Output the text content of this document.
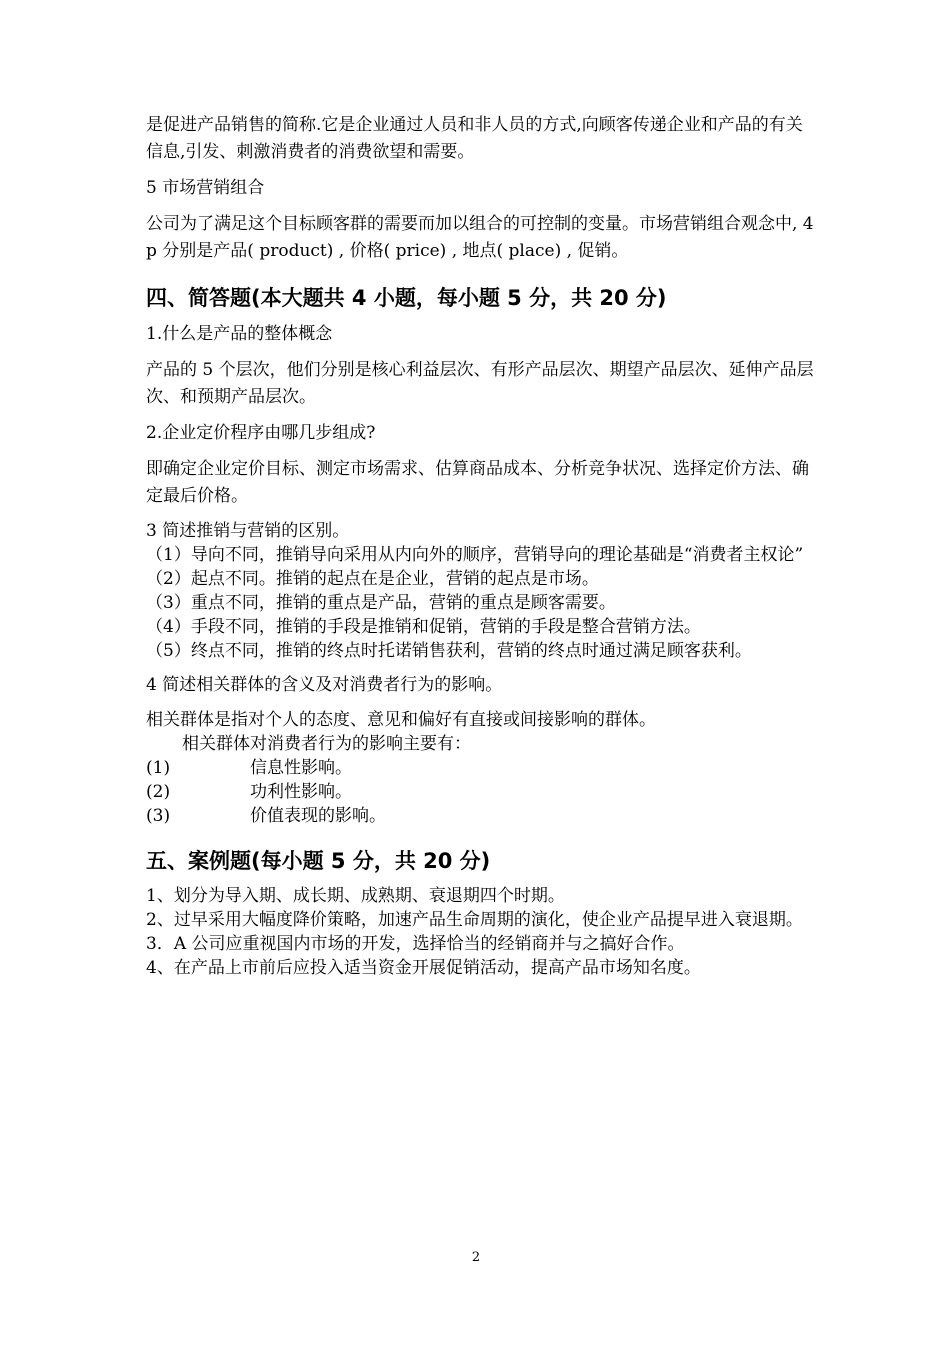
是促进产品销售的简称.它是企业通过人员和非人员的方式,向顾客传递企业和产品的有关信息,引发、刺激消费者的消费欲望和需要。

5 市场营销组合

公司为了满足这个目标顾客群的需要而加以组合的可控制的变量。市场营销组合观念中, 4p 分别是产品( product) , 价格( price) , 地点( place) , 促销。

四、简答题(本大题共 4 小题，每小题 5 分，共 20 分)

1.什么是产品的整体概念

产品的 5 个层次，他们分别是核心利益层次、有形产品层次、期望产品层次、延伸产品层次、和预期产品层次。

2.企业定价程序由哪几步组成?

即确定企业定价目标、测定市场需求、估算商品成本、分析竞争状况、选择定价方法、确定最后价格。

3 简述推销与营销的区别。

（1）导向不同，推销导向采用从内向外的顺序，营销导向的理论基础是“消费者主权论”

（2）起点不同。推销的起点在是企业，营销的起点是市场。

（3）重点不同，推销的重点是产品，营销的重点是顾客需要。

（4）手段不同，推销的手段是推销和促销，营销的手段是整合营销方法。

（5）终点不同，推销的终点时托诺销售获利，营销的终点时通过满足顾客获利。

4 简述相关群体的含义及对消费者行为的影响。

相关群体是指对个人的态度、意见和偏好有直接或间接影响的群体。

相关群体对消费者行为的影响主要有：

(1)	信息性影响。
(2)	功利性影响。
(3)	价值表现的影响。
五、案例题(每小题 5 分，共 20 分)

1、划分为导入期、成长期、成熟期、衰退期四个时期。

2、过早采用大幅度降价策略，加速产品生命周期的演化，使企业产品提早进入衰退期。

3．A 公司应重视国内市场的开发，选择恰当的经销商并与之搞好合作。

4、在产品上市前后应投入适当资金开展促销活动，提高产品市场知名度。

2
